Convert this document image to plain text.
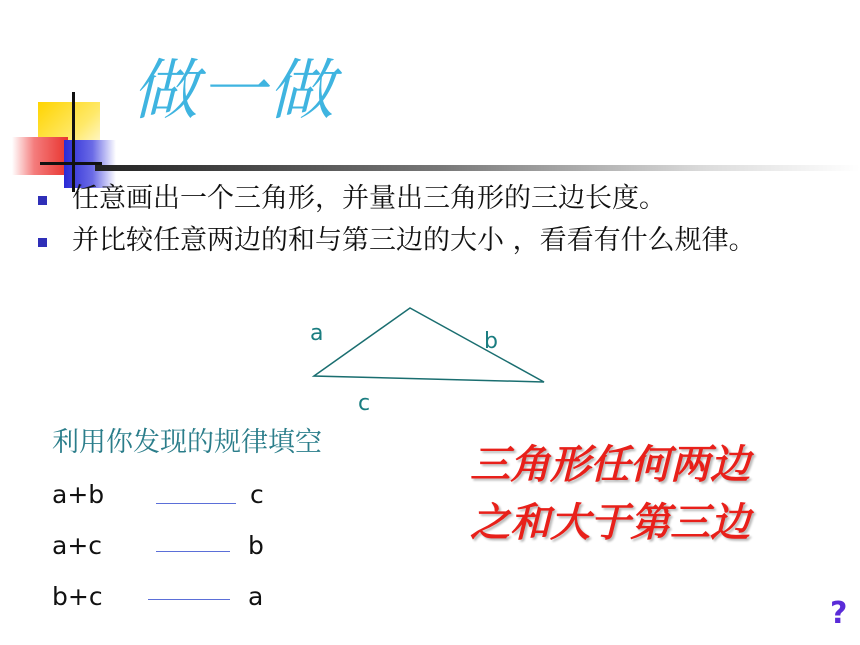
做一做
任意画出一个三角形，并量出三角形的三边长度。
并比较任意两边的和与第三边的大小 ，看看有什么规律。
a	b
c
利用你发现的规律填空
a+b	c
a+c	b
b+c	a
三角形任何两边
之和大于第三边
?
